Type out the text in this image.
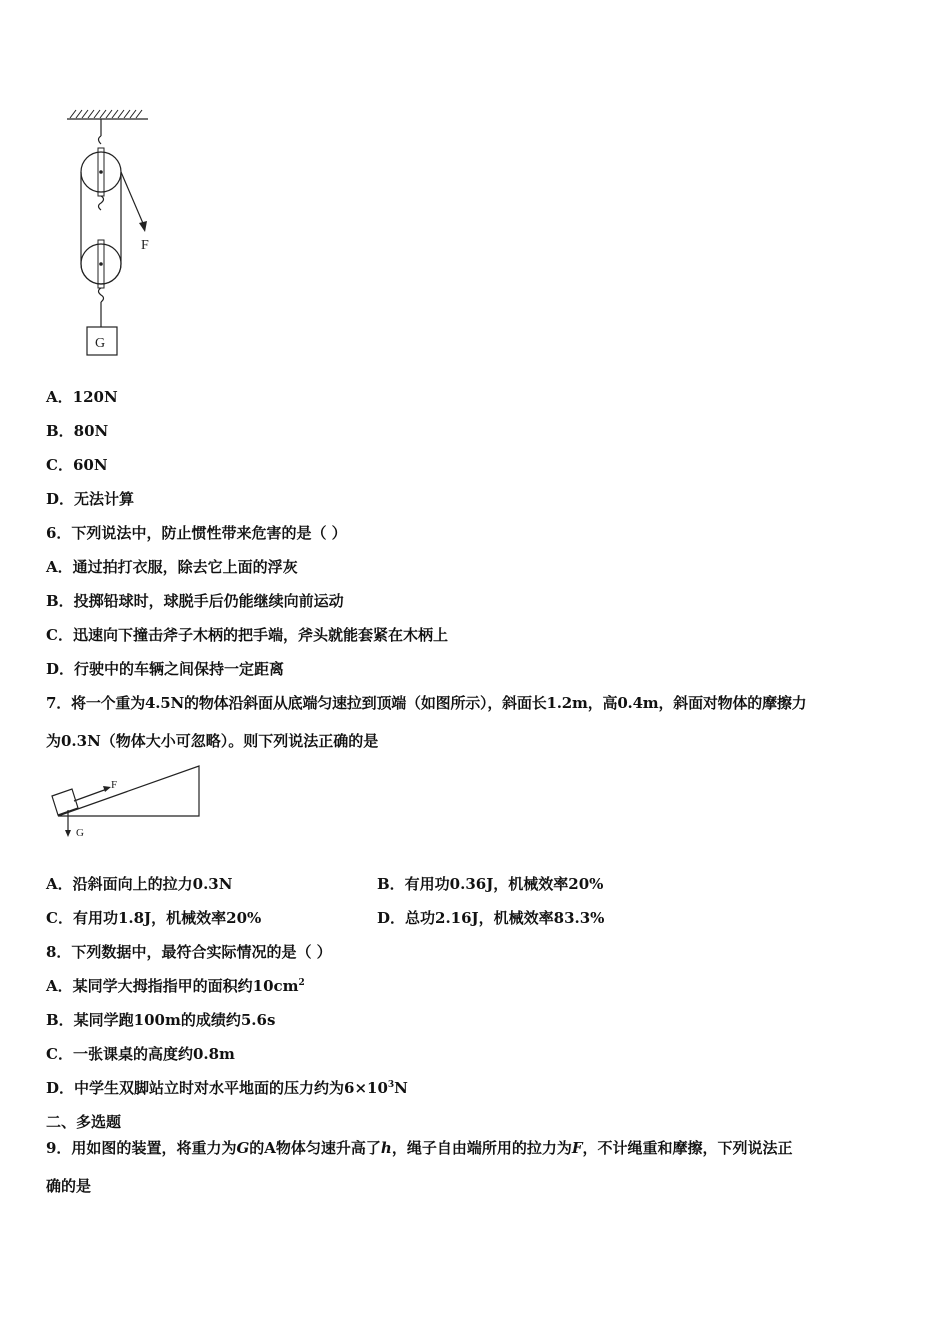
F
G
A．120N
B．80N
C．60N
D．无法计算
6．下列说法中，防止惯性带来危害的是（ ）
A．通过拍打衣服，除去它上面的浮灰
B．投掷铅球时，球脱手后仍能继续向前运动
C．迅速向下撞击斧子木柄的把手端，斧头就能套紧在木柄上
D．行驶中的车辆之间保持一定距离
7．将一个重为4.5N的物体沿斜面从底端匀速拉到顶端（如图所示），斜面长1.2m，高0.4m，斜面对物体的摩擦力
为0.3N（物体大小可忽略）。则下列说法正确的是
F
G
A．沿斜面向上的拉力0.3N	B．有用功0.36J，机械效率20%
C．有用功1.8J，机械效率20%	D．总功2.16J，机械效率83.3%
8．下列数据中，最符合实际情况的是（ ）
A．某同学大拇指指甲的面积约$10cm^2$
B．某同学跑100m的成绩约5.6s
C．一张课桌的高度约0.8m
D．中学生双脚站立时对水平地面的压力约为$6\times 10^3N$
二、多选题
9．用如图的装置，将重力为G的A物体匀速升高了h，绳子自由端所用的拉力为F，不计绳重和摩擦，下列说法正
确的是
